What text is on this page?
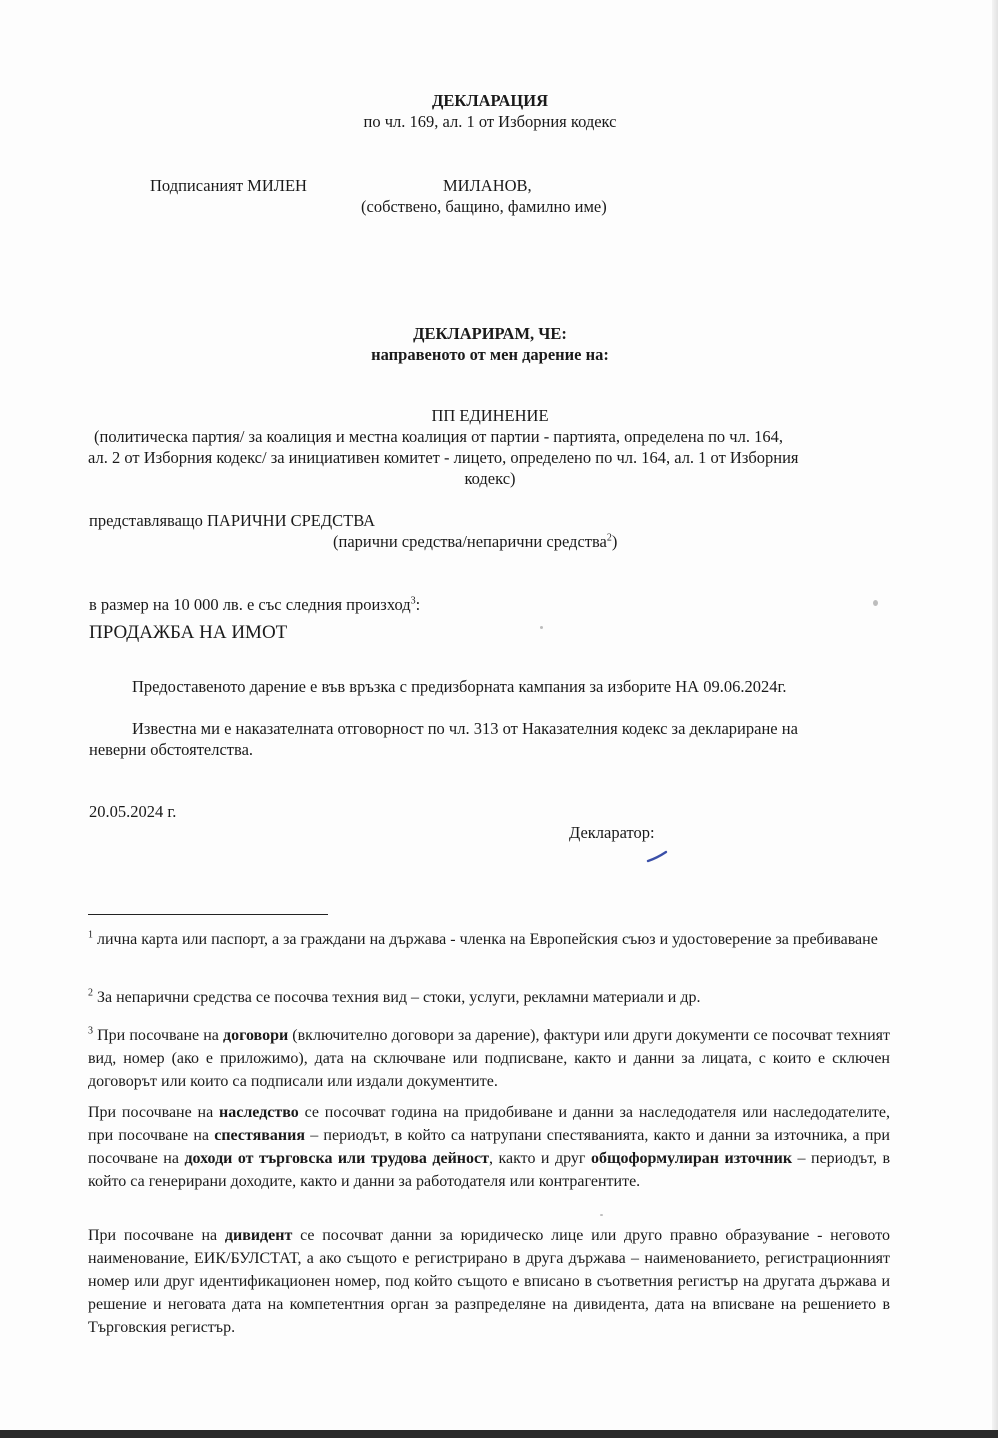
ДЕКЛАРАЦИЯ
по чл. 169, ал. 1 от Изборния кодекс
Подписаният МИЛЕН	МИЛАНОВ,
(собствено, бащино, фамилно име)
ДЕКЛАРИРАМ, ЧЕ:
направеното от мен дарение на:
ПП ЕДИНЕНИЕ
(политическа партия/ за коалиция и местна коалиция от партии - партията, определена по чл. 164,
ал. 2 от Изборния кодекс/ за инициативен комитет - лицето, определено по чл. 164, ал. 1 от Изборния
кодекс)
представляващо ПАРИЧНИ СРЕДСТВА
(парични средства/непарични средства$^2$)
в размер на 10 000 лв. е със следния произход$^3$:
ПРОДАЖБА НА ИМОТ
Предоставеното дарение е във връзка с предизборната кампания за изборите НА 09.06.2024г.
Известна ми е наказателната отговорност по чл. 313 от Наказателния кодекс за деклариране на
неверни обстоятелства.
20.05.2024 г.
Декларатор:
$^1$ лична карта или паспорт, а за граждани на държава - членка на Европейския съюз и удостоверение за пребиваване
$^2$ За непарични средства се посочва техния вид – стоки, услуги, рекламни материали и др.
$^3$ При посочване на договори (включително договори за дарение), фактури или други документи се посочват техният вид, номер (ако е приложимо), дата на сключване или подписване, както и данни за лицата, с които е сключен договорът или които са подписали или издали документите.
При посочване на наследство се посочват година на придобиване и данни за наследодателя или наследодателите, при посочване на спестявания – периодът, в който са натрупани спестяванията, както и данни за източника, а при посочване на доходи от търговска или трудова дейност, както и друг общоформулиран източник – периодът, в който са генерирани доходите, както и данни за работодателя или контрагентите.
При посочване на дивидент се посочват данни за юридическо лице или друго правно образувание - неговото наименование, ЕИК/БУЛСТАТ, а ако същото е регистрирано в друга държава – наименованието, регистрационният номер или друг идентификационен номер, под който същото е вписано в съответния регистър на другата държава и решение и неговата дата на компетентния орган за разпределяне на дивидента, дата на вписване на решението в Търговския регистър.
